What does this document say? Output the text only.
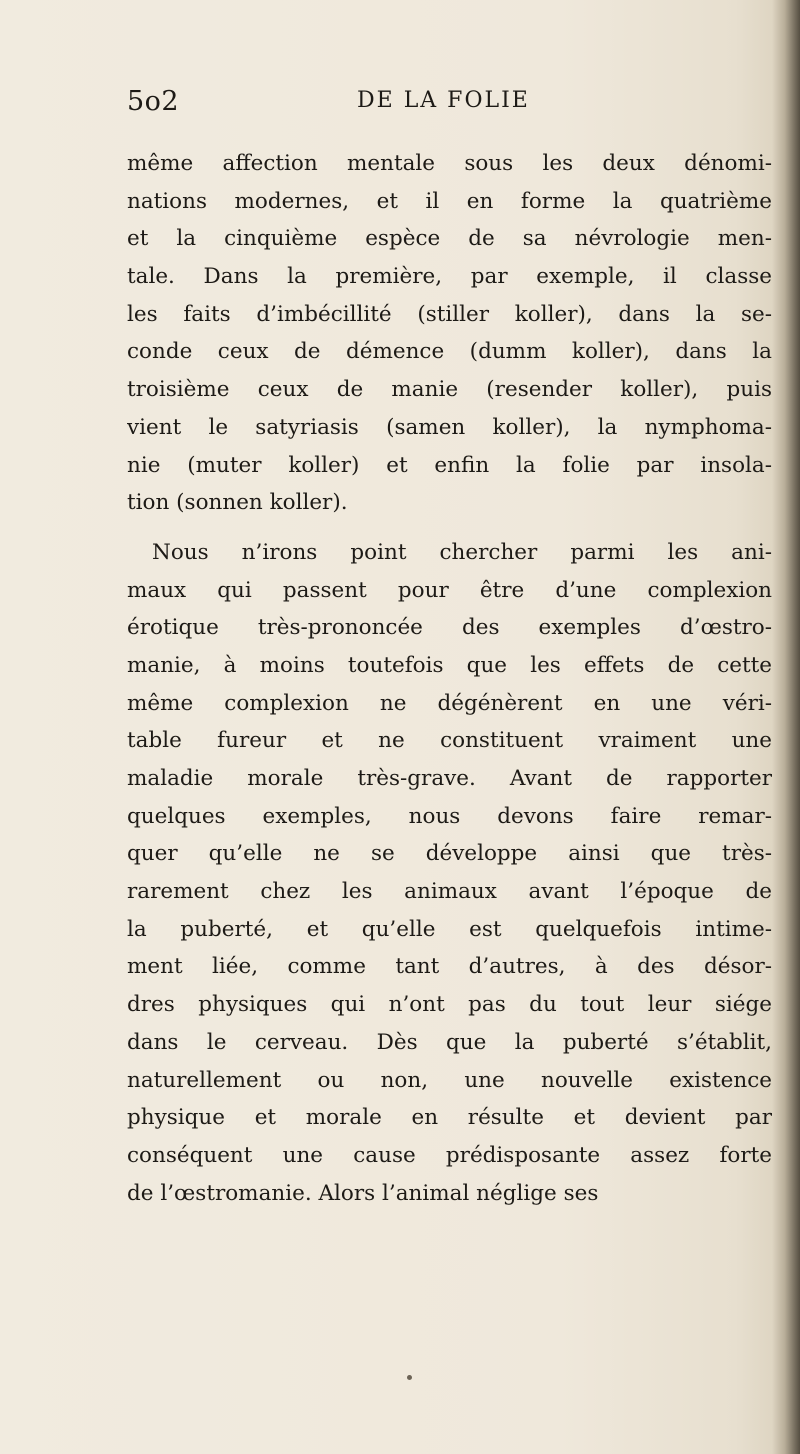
5o2	DE LA FOLIE
même affection mentale sous les deux dénomi-
nations modernes, et il en forme la quatrième
et la cinquième espèce de sa névrologie men-
tale. Dans la première, par exemple, il classe
les faits d’imbécillité (stiller koller), dans la se-
conde ceux de démence (dumm koller), dans la
troisième ceux de manie (resender koller), puis
vient le satyriasis (samen koller), la nymphoma-
nie (muter koller) et enfin la folie par insola-
tion (sonnen koller).
Nous n’irons point chercher parmi les ani-
maux qui passent pour être d’une complexion
érotique très-prononcée des exemples d’œstro-
manie, à moins toutefois que les effets de cette
même complexion ne dégénèrent en une véri-
table fureur et ne constituent vraiment une
maladie morale très-grave. Avant de rapporter
quelques exemples, nous devons faire remar-
quer qu’elle ne se développe ainsi que très-
rarement chez les animaux avant l’époque de
la puberté, et qu’elle est quelquefois intime-
ment liée, comme tant d’autres, à des désor-
dres physiques qui n’ont pas du tout leur siége
dans le cerveau. Dès que la puberté s’établit,
naturellement ou non, une nouvelle existence
physique et morale en résulte et devient par
conséquent une cause prédisposante assez forte
de l’œstromanie. Alors l’animal néglige ses
